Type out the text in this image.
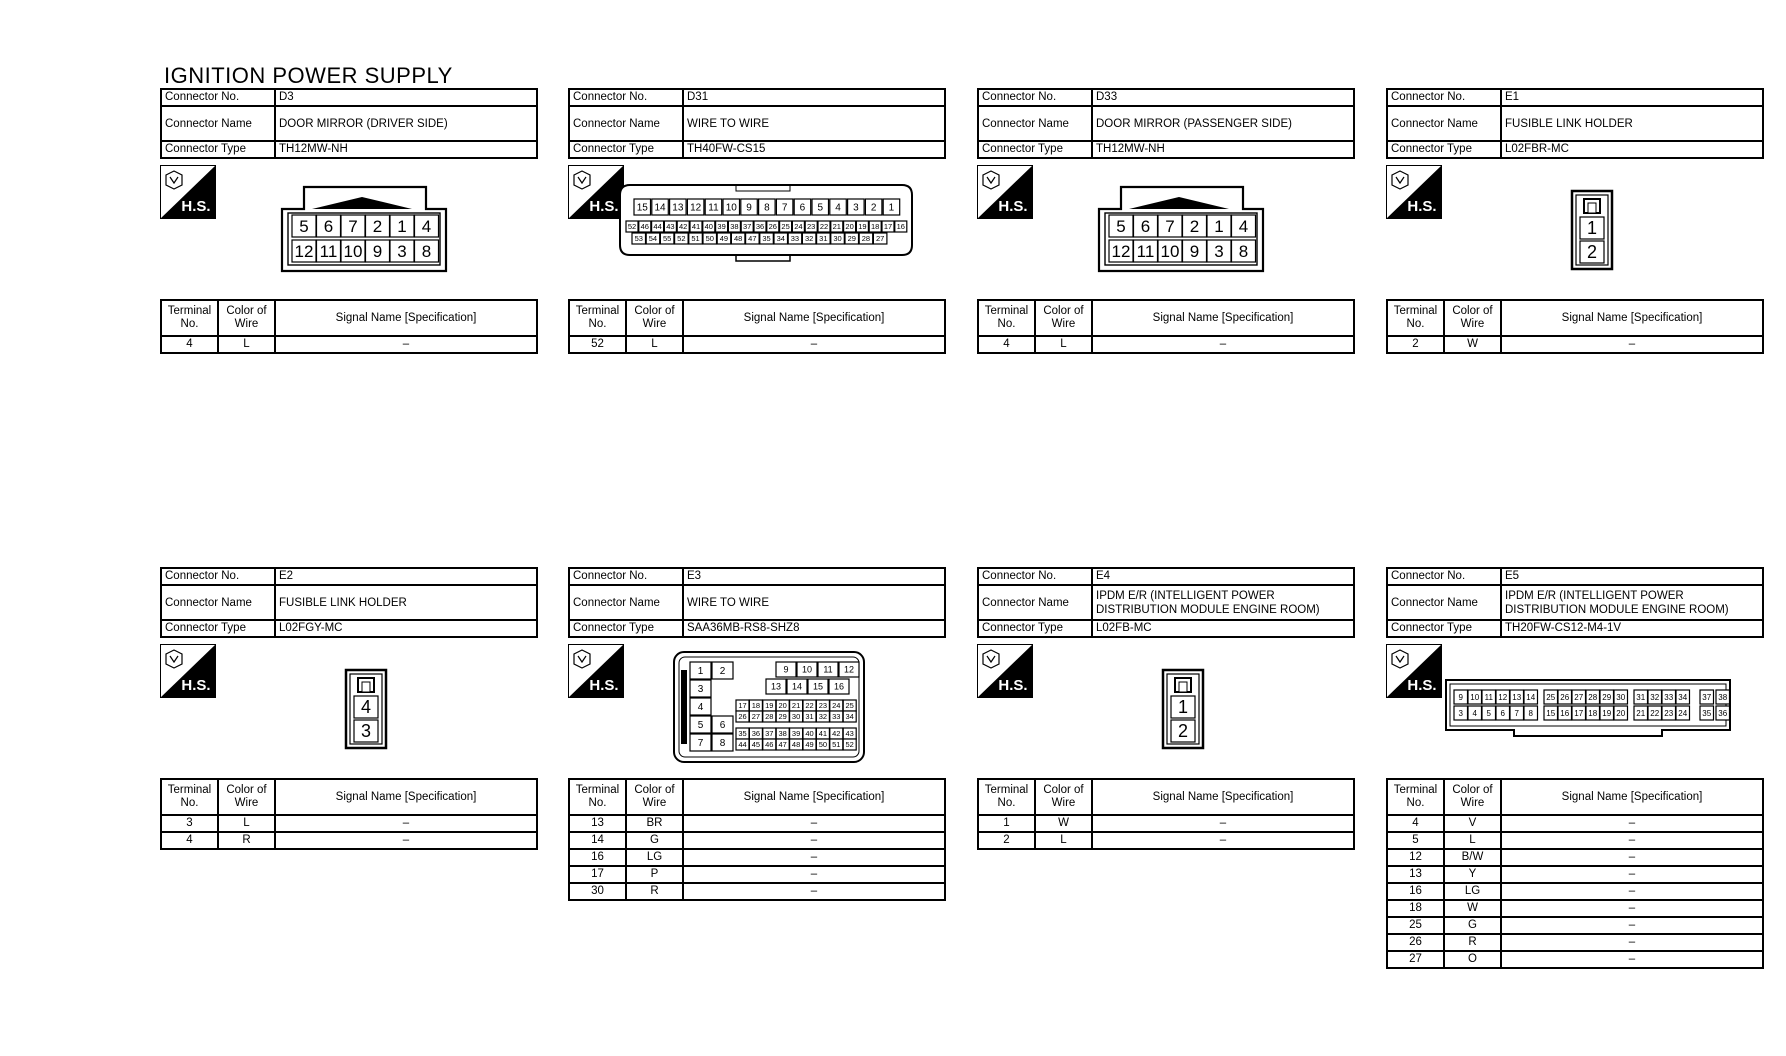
IGNITION POWER SUPPLY
Connector No.	D3
Connector Name	DOOR MIRROR (DRIVER SIDE)
Connector Type	TH12MW-NH
H.S.
5 6 7 2 1 4
12 11 10 9 3 8
Terminal No.	Color of Wire	Signal Name [Specification]
4	L	–
Connector No.	D31
Connector Name	WIRE TO WIRE
Connector Type	TH40FW-CS15
H.S. 15 14 13 12 11 10 9 8 7 6 5 4 3 2 1
52 46 44 43 42 41 40 39 38 37 36 26 25 24 23 22 21 20 19 18 17 16
53 54 55 52 51 50 49 48 47 35 34 33 32 31 30 29 28 27
Terminal No.	Color of Wire	Signal Name [Specification]
52	L	–
Connector No.	D33
Connector Name	DOOR MIRROR (PASSENGER SIDE)
Connector Type	TH12MW-NH
H.S.
5 6 7 2 1 4
12 11 10 9 3 8
Terminal No.	Color of Wire	Signal Name [Specification]
4	L	–
Connector No.	E1
Connector Name	FUSIBLE LINK HOLDER
Connector Type	L02FBR-MC
H.S.
1
2
Terminal No.	Color of Wire	Signal Name [Specification]
2	W	–
Connector No.	E2
Connector Name	FUSIBLE LINK HOLDER
Connector Type	L02FGY-MC
H.S.
4
3
Terminal No.	Color of Wire	Signal Name [Specification]
3	L	–
4	R	–
Connector No.	E3
Connector Name	WIRE TO WIRE
Connector Type	SAA36MB-RS8-SHZ8
H.S.
1 2
3
4
5 6
7 8
9 10 11 12
13 14 15 16
17 18 19 20 21 22 23 24 25
26 27 28 29 30 31 32 33 34
35 36 37 38 39 40 41 42 43
44 45 46 47 48 49 50 51 52
Terminal No.	Color of Wire	Signal Name [Specification]
13	BR	–
14	G	–
16	LG	–
17	P	–
30	R	–
Connector No.	E4
Connector Name	IPDM E/R (INTELLIGENT POWER DISTRIBUTION MODULE ENGINE ROOM)
Connector Type	L02FB-MC
H.S.
1
2
Terminal No.	Color of Wire	Signal Name [Specification]
1	W	–
2	L	–
Connector No.	E5
Connector Name	IPDM E/R (INTELLIGENT POWER DISTRIBUTION MODULE ENGINE ROOM)
Connector Type	TH20FW-CS12-M4-1V
H.S.
9 10 11 12 13 14 25 26 27 28 29 30 31 32 33 34 37 38
3 4 5 6 7 8 15 16 17 18 19 20 21 22 23 24 35 36
Terminal No.	Color of Wire	Signal Name [Specification]
4	V	–
5	L	–
12	B/W	–
13	Y	–
16	LG	–
18	W	–
25	G	–
26	R	–
27	O	–
